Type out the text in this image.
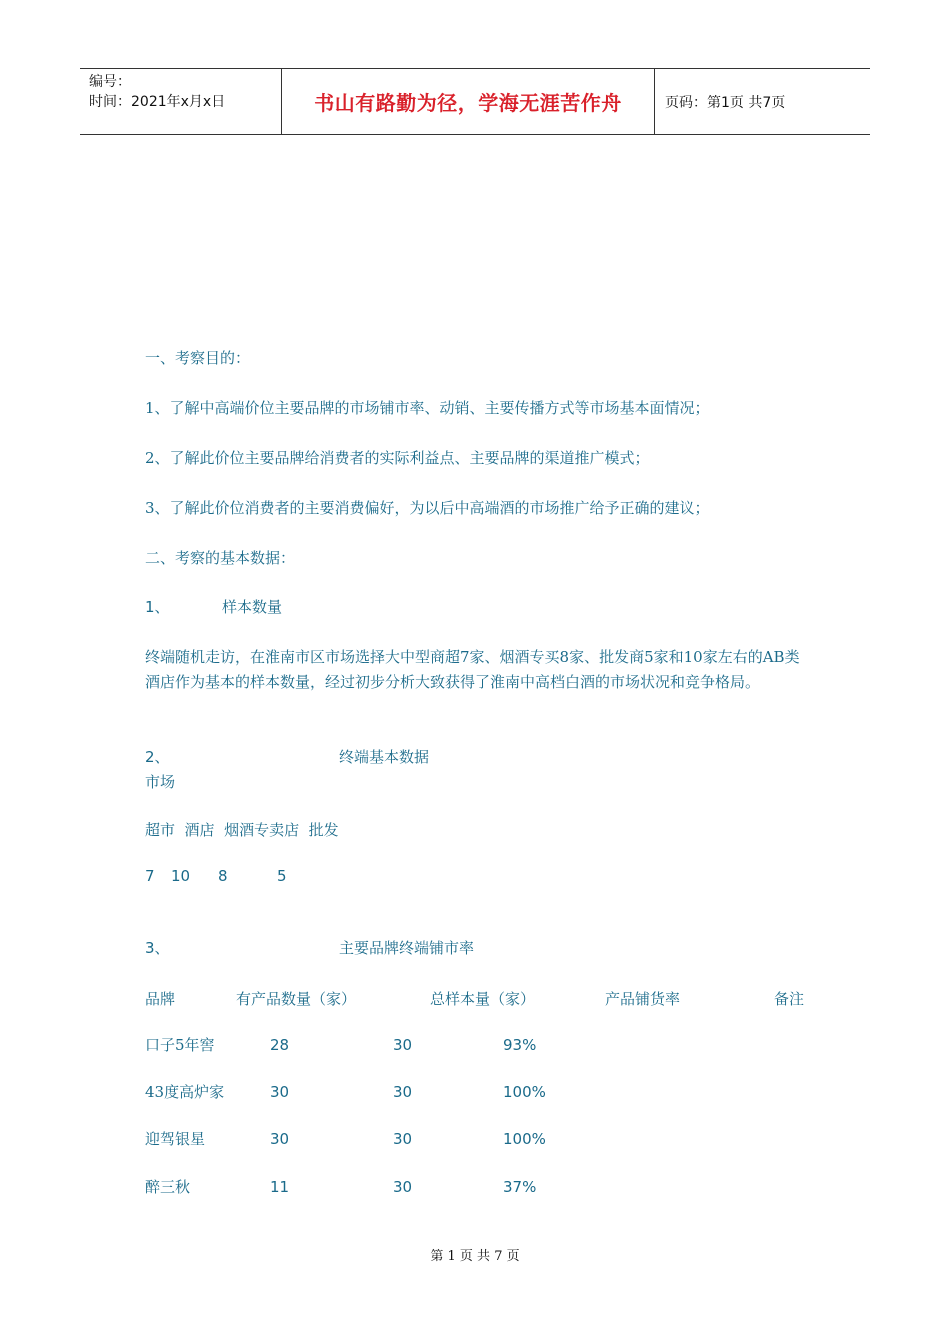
编号：
时间：2021年x月x日	书山有路勤为径，学海无涯苦作舟	页码：第1页 共7页
一、考察目的：
1、了解中高端价位主要品牌的市场铺市率、动销、主要传播方式等市场基本面情况；
2、了解此价位主要品牌给消费者的实际利益点、主要品牌的渠道推广模式；
3、了解此价位消费者的主要消费偏好，为以后中高端酒的市场推广给予正确的建议；
二、考察的基本数据：
1、	样本数量
终端随机走访，在淮南市区市场选择大中型商超7家、烟酒专买8家、批发商5家和10家左右的AB类酒店作为基本的样本数量，经过初步分析大致获得了淮南中高档白酒的市场状况和竞争格局。
2、	终端基本数据
市场
超市  酒店  烟酒专卖店  批发
7 10 8	5
3、	主要品牌终端铺市率
品牌	有产品数量（家）	总样本量（家）	产品铺货率	备注
口子5年窖	28	30	93%
43度高炉家	30	30	100%
迎驾银星	30	30	100%
醉三秋	11	30	37%
第 1 页 共 7 页
